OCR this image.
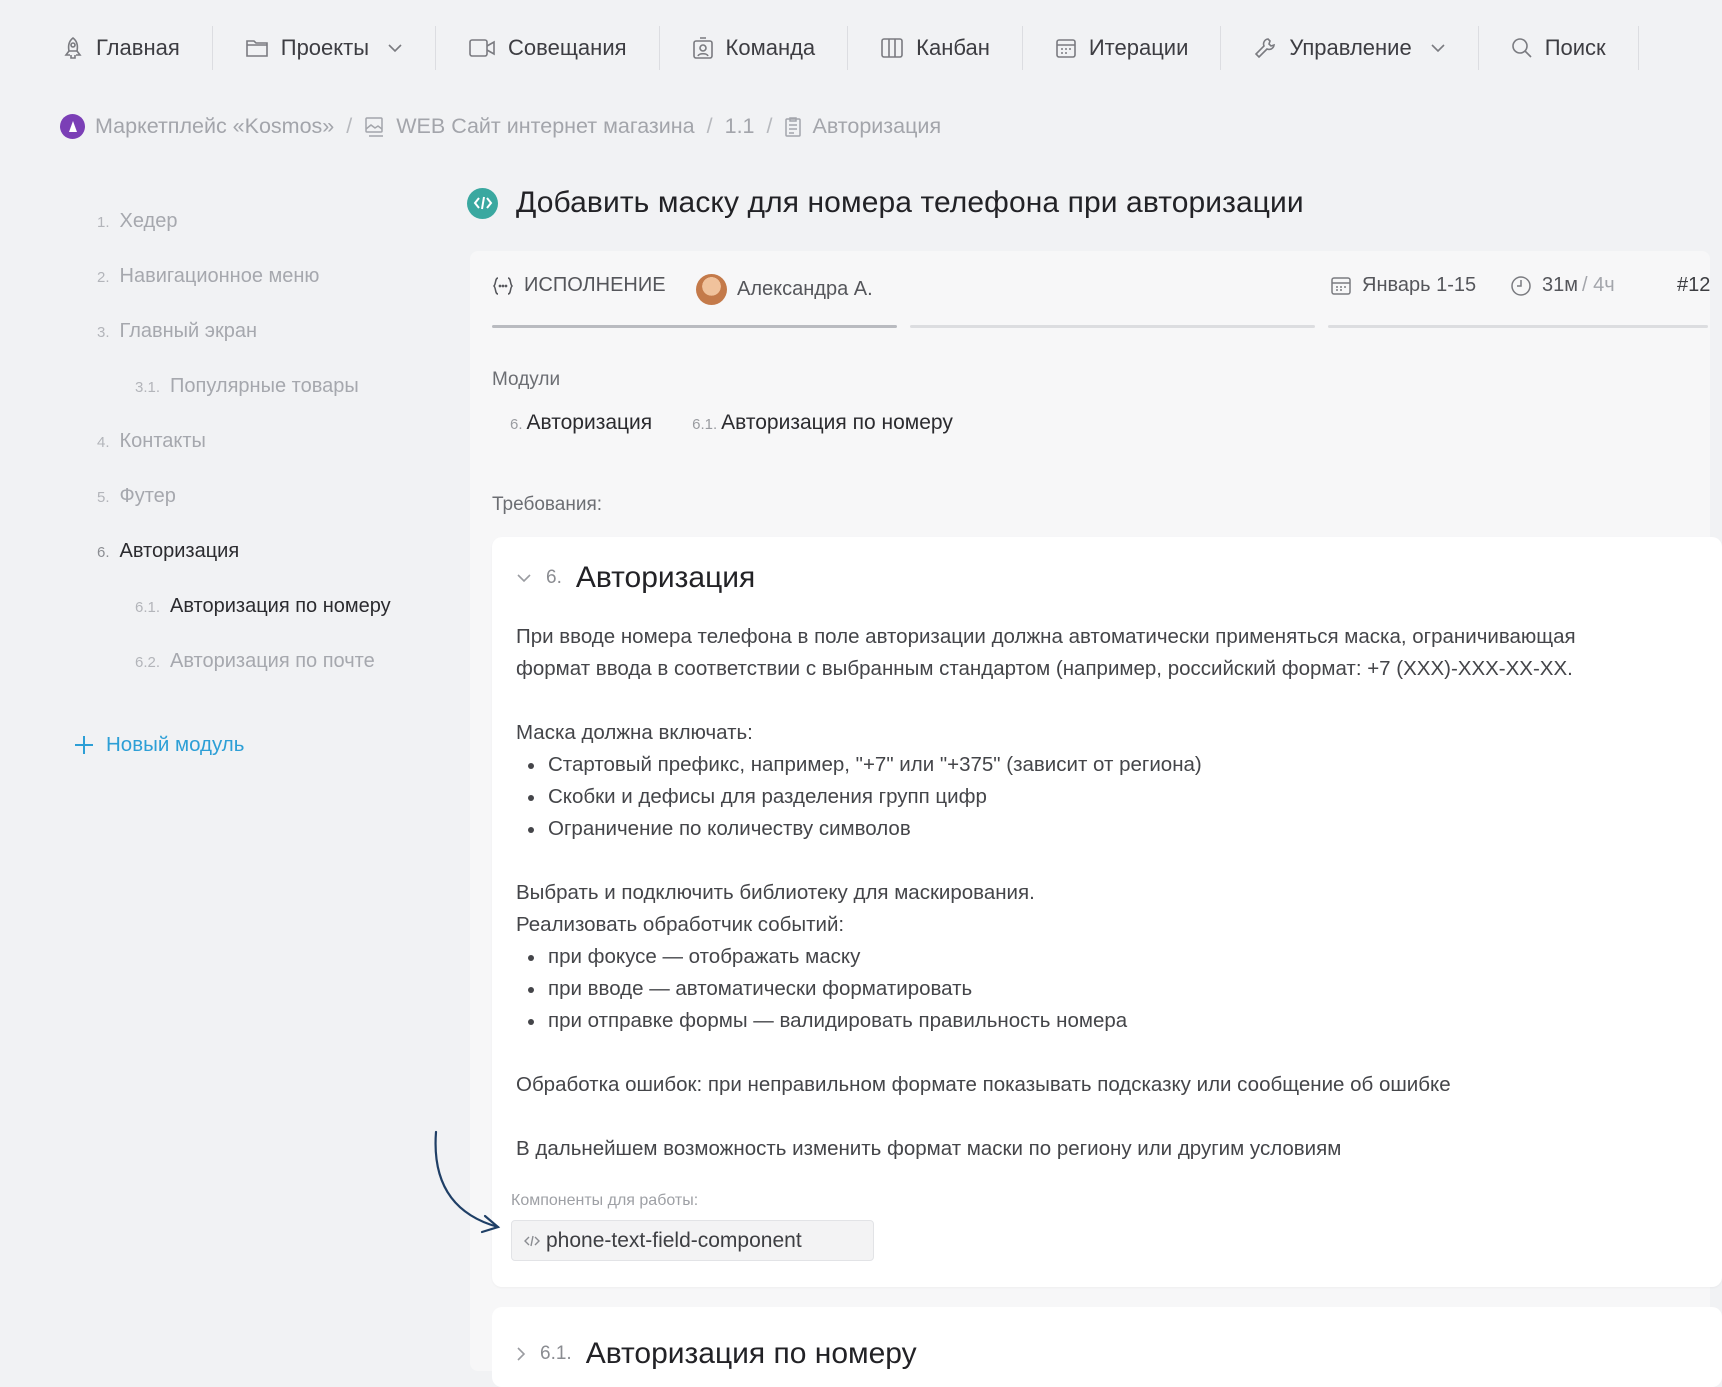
Главная	Проекты	Совещания	Команда	Канбан	Итерации	Управление	Поиск
Маркетплейс «Kosmos» / WEB Сайт интернет магазина / 1.1 / Авторизация
1. Хедер
2. Навигационное меню
3. Главный экран
3.1. Популярные товары
4. Контакты
5. Футер
6. Авторизация
6.1. Авторизация по номеру
6.2. Авторизация по почте
Новый модуль
Добавить маску для номера телефона при авторизации
ИСПОЛНЕНИЕ	Александра А.	Январь 1-15	31м / 4ч	#12
Модули
6. Авторизация	6.1. Авторизация по номеру
Требования:
6. Авторизация

При вводе номера телефона в поле авторизации должна автоматически применяться маска, ограничивающая

формат ввода в соответствии с выбранным стандартом (например, российский формат: +7 (XXX)-XXX-XX-XX.

Маска должна включать:

Стартовый префикс, например, "+7" или "+375" (зависит от региона)
Скобки и дефисы для разделения групп цифр
Ограничение по количеству символов

Выбрать и подключить библиотеку для маскирования.

Реализовать обработчик событий:

при фокусе — отображать маску
при вводе — автоматически форматировать
при отправке формы — валидировать правильность номера

Обработка ошибок: при неправильном формате показывать подсказку или сообщение об ошибке

В дальнейшем возможность изменить формат маски по региону или другим условиям

Компоненты для работы:
phone-text-field-component
6.1. Авторизация по номеру
